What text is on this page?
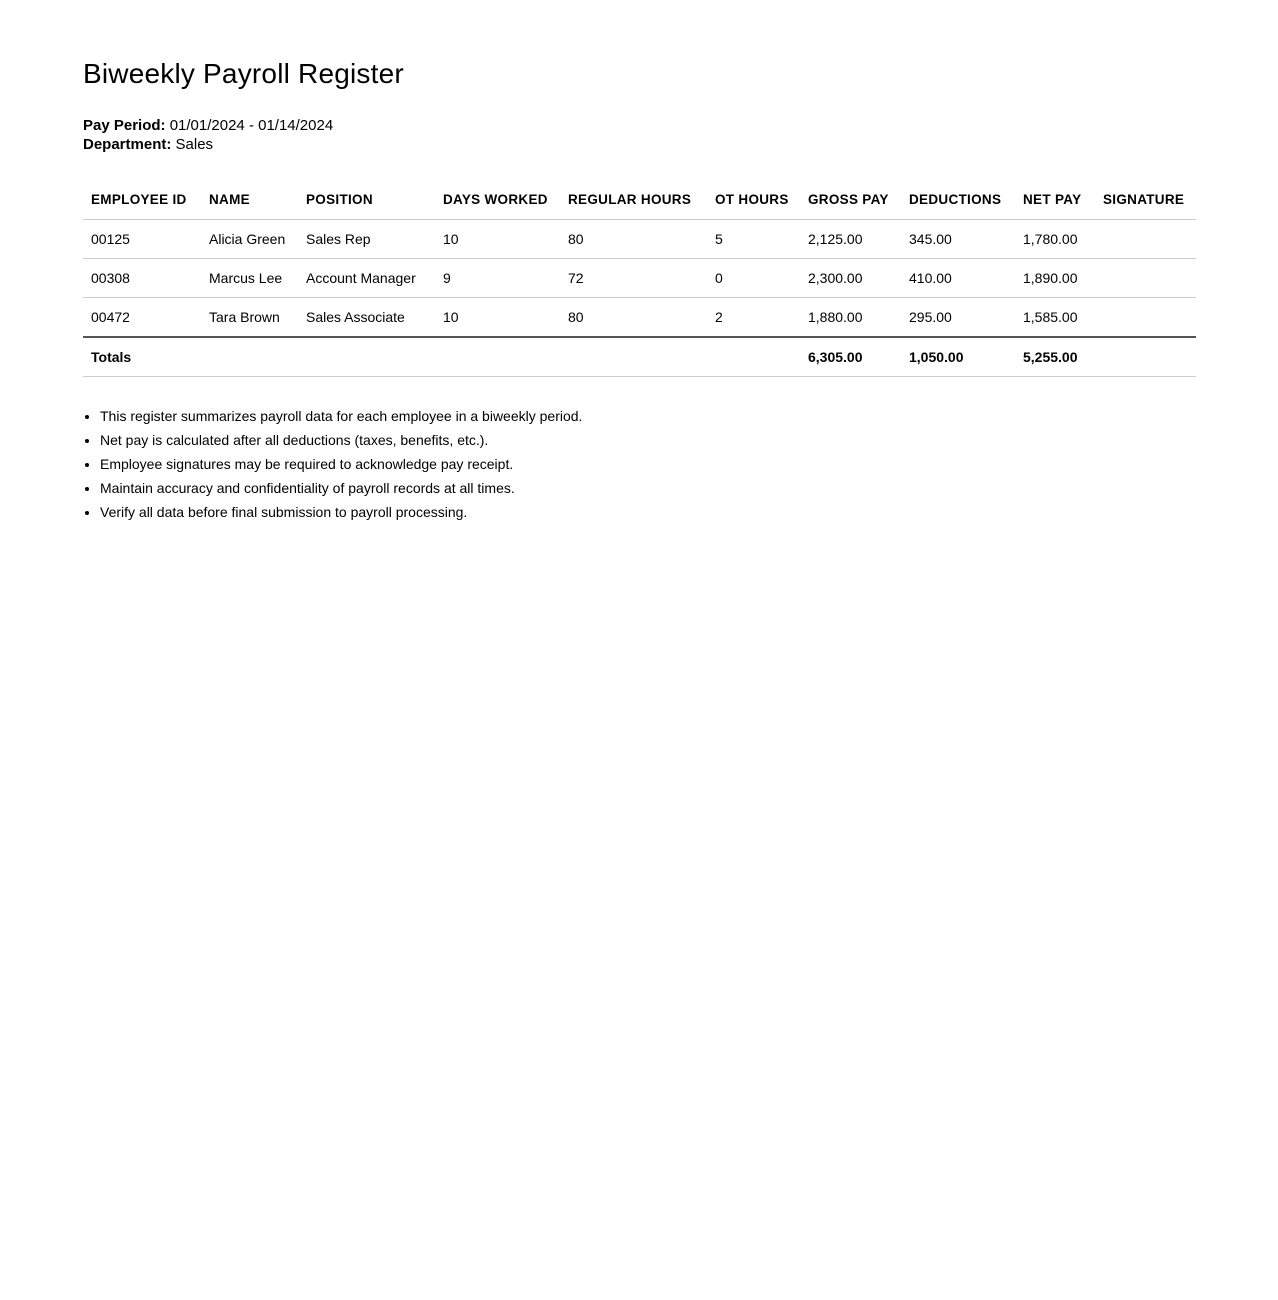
Biweekly Payroll Register
Pay Period: 01/01/2024 - 01/14/2024
Department: Sales
EMPLOYEE ID	NAME	POSITION	DAYS WORKED	REGULAR HOURS	OT HOURS	GROSS PAY	DEDUCTIONS	NET PAY	SIGNATURE
00125	Alicia Green	Sales Rep	10	80	5	2,125.00	345.00	1,780.00	
00308	Marcus Lee	Account Manager	9	72	0	2,300.00	410.00	1,890.00	
00472	Tara Brown	Sales Associate	10	80	2	1,880.00	295.00	1,585.00	
Totals						6,305.00	1,050.00	5,255.00	
• This register summarizes payroll data for each employee in a biweekly period.
• Net pay is calculated after all deductions (taxes, benefits, etc.).
• Employee signatures may be required to acknowledge pay receipt.
• Maintain accuracy and confidentiality of payroll records at all times.
• Verify all data before final submission to payroll processing.
